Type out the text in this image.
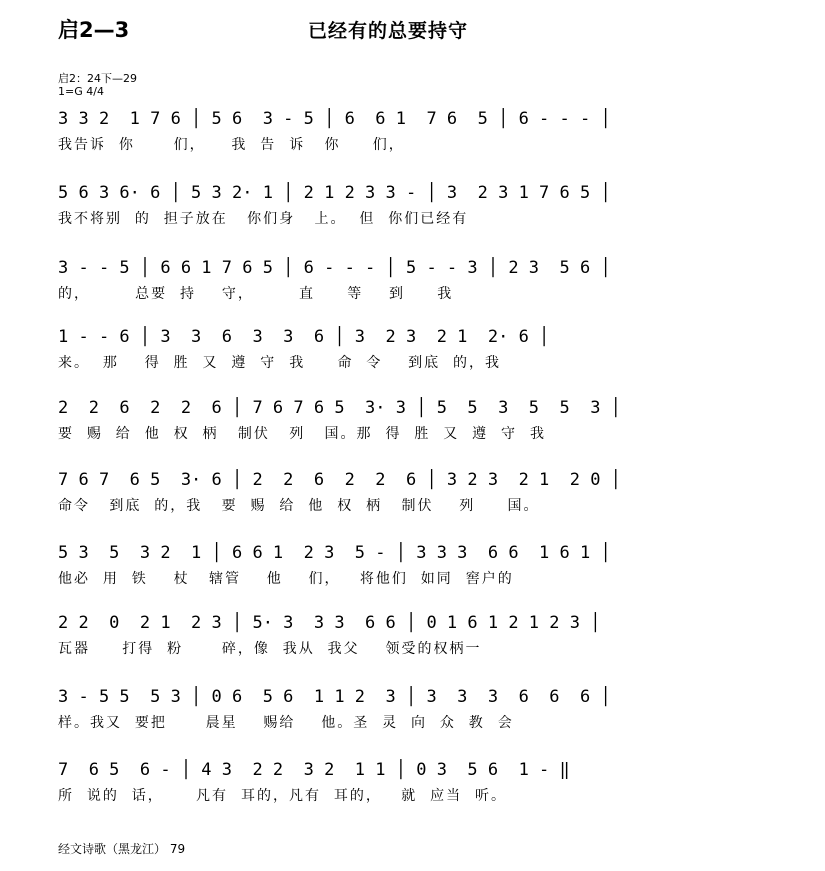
启2—3	已经有的总要持守
启2：24下—29
1=G 4/4
3 3 2  1 7 6 │ 5 6  3 - 5 │ 6  6 1  7 6  5 │ 6 - - - │
我告诉  你      们，    我  告  诉   你     们，
5 6 3 6· 6 │ 5 3 2· 1 │ 2 1 2 3 3 - │ 3  2 3 1 7 6 5 │
我不将别  的  担子放在   你们身   上。  但  你们已经有
3 - - 5 │ 6 6 1 7 6 5 │ 6 - - - │ 5 - - 3 │ 2 3  5 6 │
的，       总要  持    守，       直     等    到     我
1 - - 6 │ 3  3  6  3  3  6 │ 3  2 3  2 1  2· 6 │
来。  那    得  胜  又  遵  守  我     命  令    到底  的，我
2  2  6  2  2  6 │ 7 6 7 6 5  3· 3 │ 5  5  3  5  5  3 │
要  赐  给  他  权  柄   制伏   列   国。那  得  胜  又  遵  守  我
7 6 7  6 5  3· 6 │ 2  2  6  2  2  6 │ 3 2 3  2 1  2 0 │
命令   到底  的，我   要  赐  给  他  权  柄   制伏    列     国。
5 3  5  3 2  1 │ 6 6 1  2 3  5 - │ 3 3 3  6 6  1 6 1 │
他必  用  铁    杖   辖管    他    们，   将他们  如同  窖户的
2 2  0  2 1  2 3 │ 5· 3  3 3  6 6 │ 0 1 6 1 2 1 2 3 │
瓦器     打得  粉      碎，像  我从  我父    领受的权柄一
3 - 5 5  5 3 │ 0 6  5 6  1 1 2  3 │ 3  3  3  6  6  6 │
样。我又  要把      晨星    赐给    他。圣  灵  向  众  教  会
7  6 5  6 - │ 4 3  2 2  3 2  1 1 │ 0 3  5 6  1 - ‖
所  说的  话，     凡有  耳的，凡有  耳的，   就  应当  听。
经文诗歌（黑龙江） 79
